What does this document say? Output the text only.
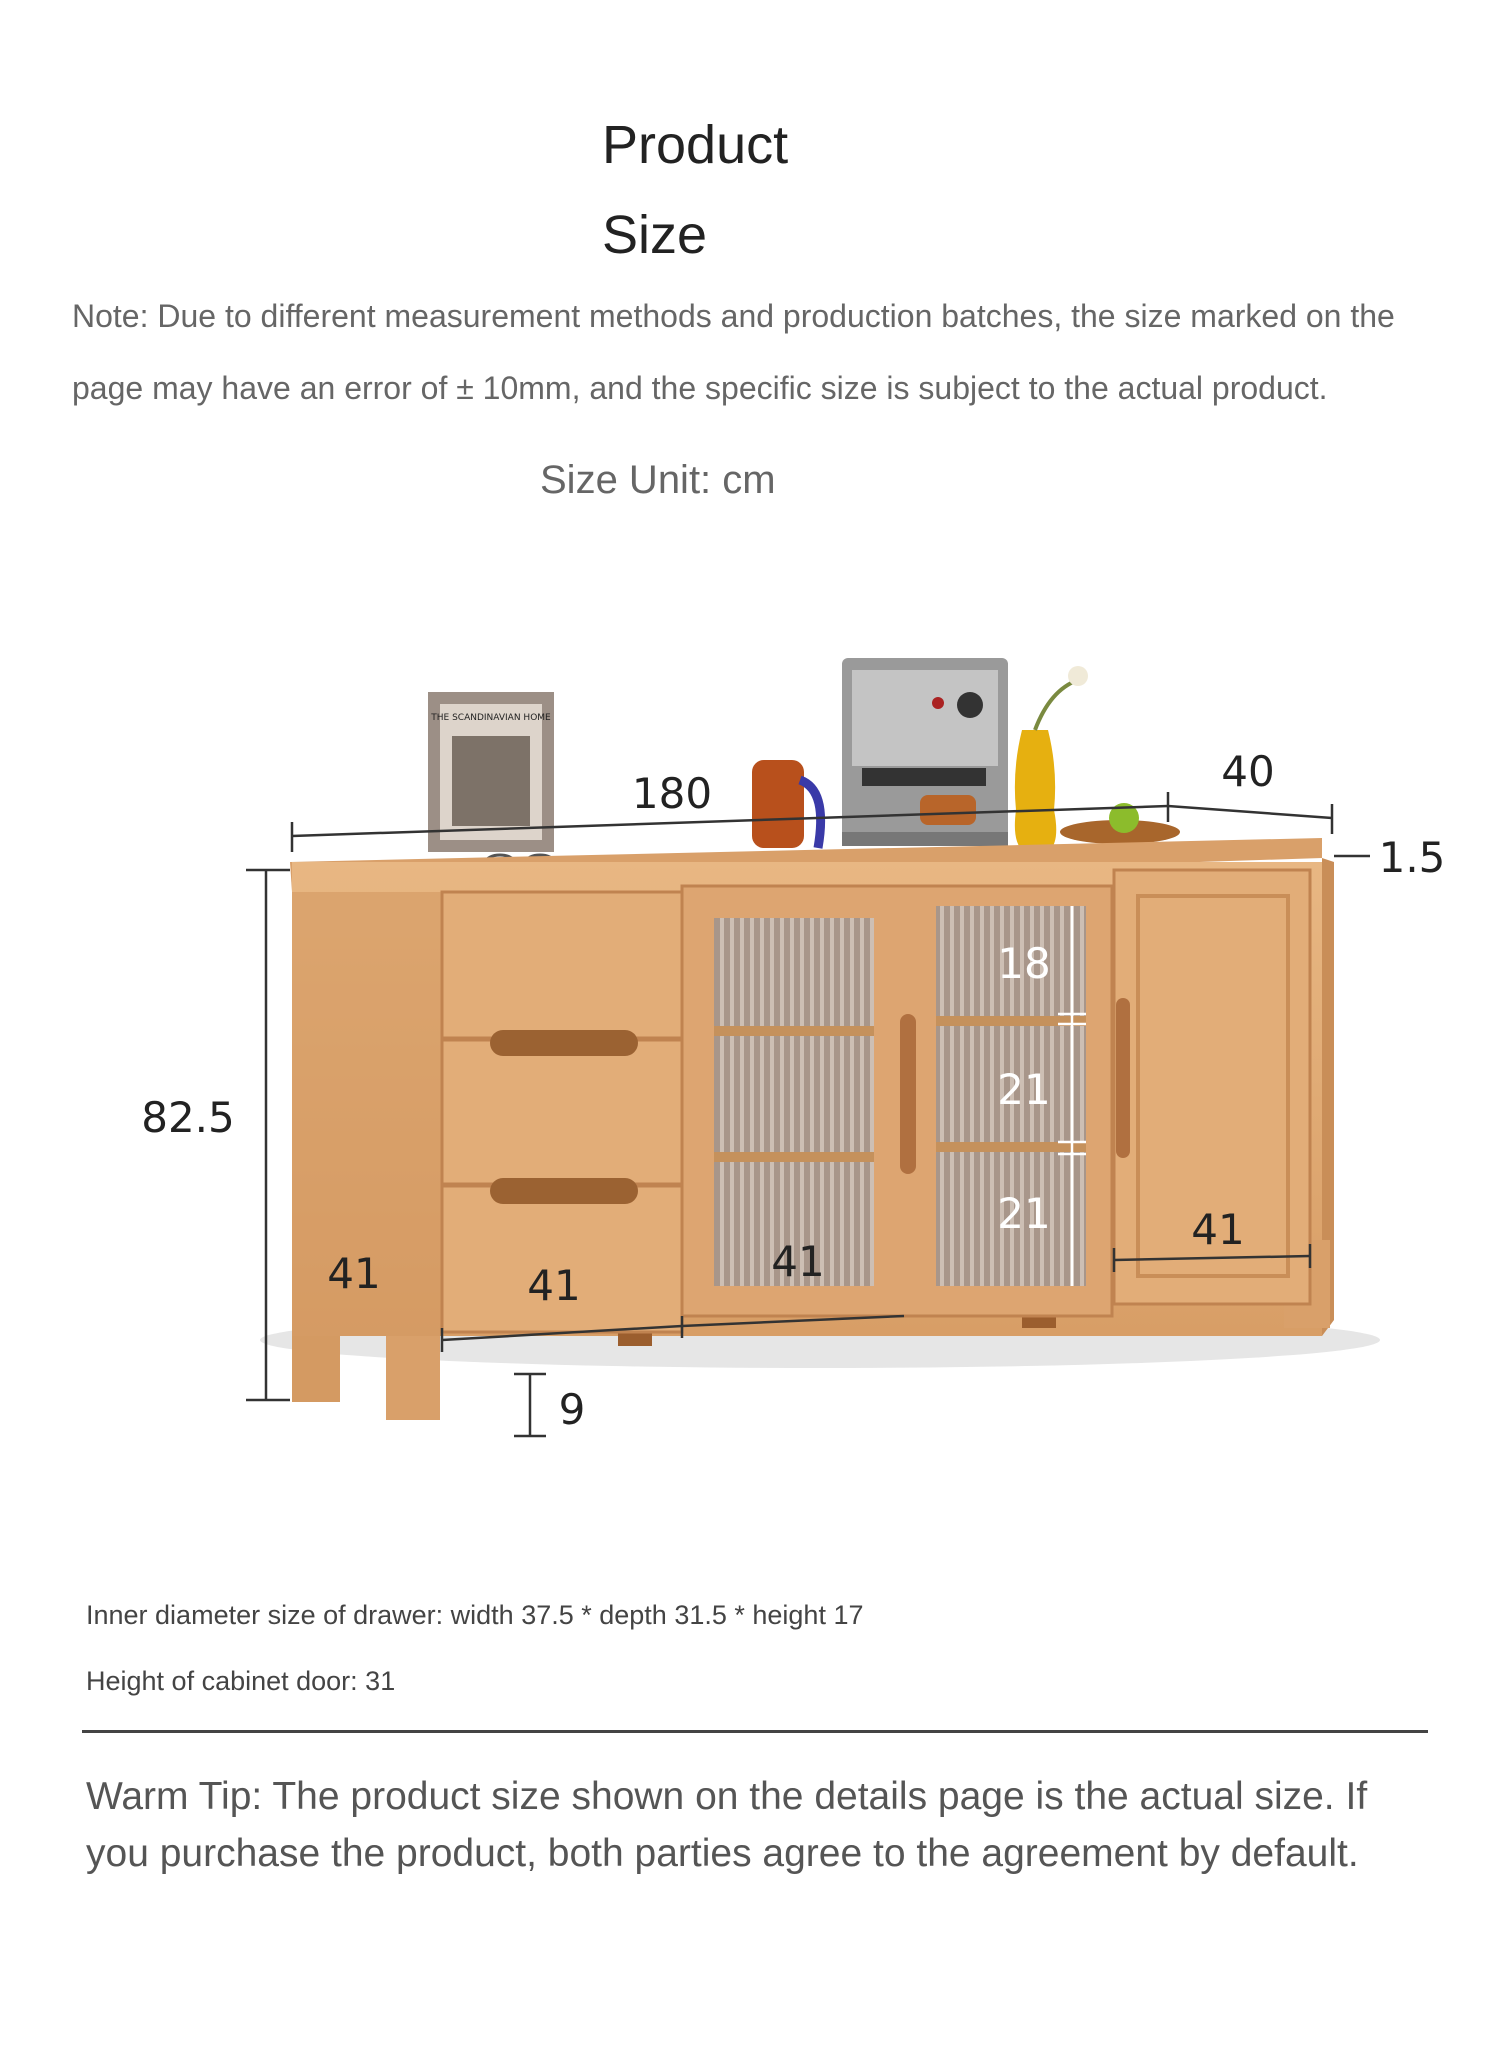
Product
Size

Note: Due to different measurement methods and production batches, the size marked on the page may have an error of ± 10mm, and the specific size is subject to the actual product.

Size Unit: cm
THE SCANDINAVIAN HOME
180	40
1.5
82.5
9
41	41	41
41
18
21
21

Inner diameter size of drawer: width 37.5 * depth 31.5 * height 17

Height of cabinet door: 31

Warm Tip: The product size shown on the details page is the actual size. If you purchase the product, both parties agree to the agreement by default.
